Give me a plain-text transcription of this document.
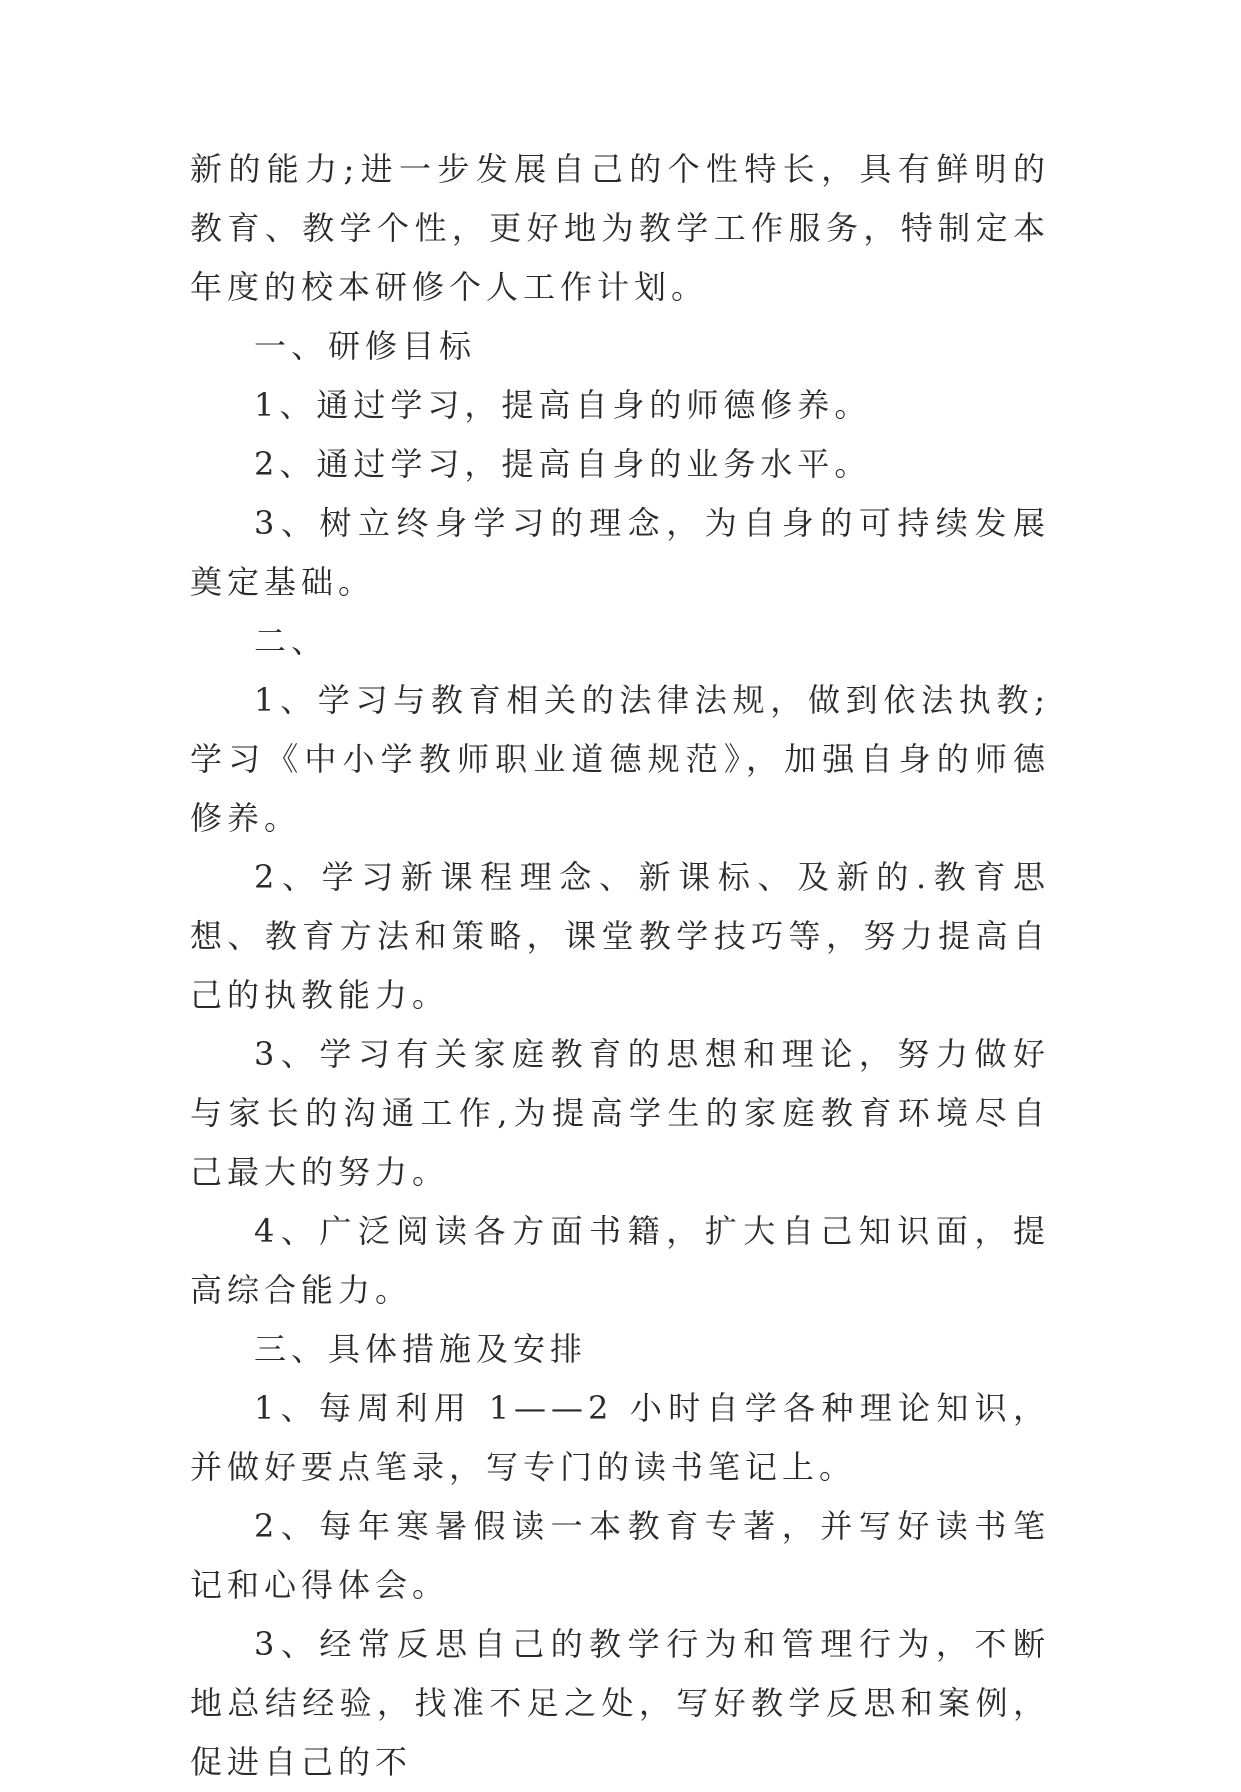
新的能力;进一步发展自己的个性特长，具有鲜明的教育、教学个性，更好地为教学工作服务，特制定本年度的校本研修个人工作计划。

一、研修目标

1、通过学习，提高自身的师德修养。

2、通过学习，提高自身的业务水平。

3、树立终身学习的理念，为自身的可持续发展奠定基础。

二、

1、学习与教育相关的法律法规，做到依法执教;学习《中小学教师职业道德规范》，加强自身的师德修养。

2、学习新课程理念、新课标、及新的.教育思想、教育方法和策略，课堂教学技巧等，努力提高自己的执教能力。

3、学习有关家庭教育的思想和理论，努力做好与家长的沟通工作,为提高学生的家庭教育环境尽自己最大的努力。

4、广泛阅读各方面书籍，扩大自己知识面，提高综合能力。

三、具体措施及安排

1、每周利用 1——2 小时自学各种理论知识，并做好要点笔录，写专门的读书笔记上。

2、每年寒暑假读一本教育专著，并写好读书笔记和心得体会。

3、经常反思自己的教学行为和管理行为，不断地总结经验，找准不足之处，写好教学反思和案例，促进自己的不
